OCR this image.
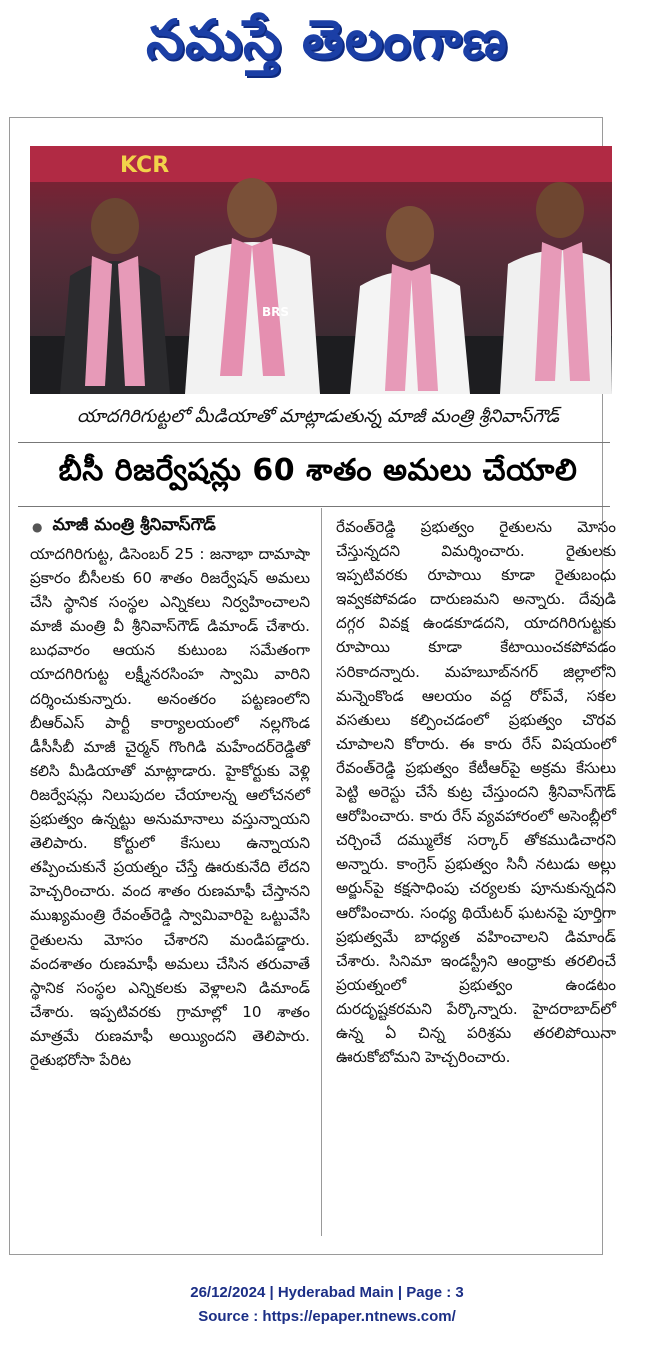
నమస్తే తెలంగాణ
KCR
BRS
యాదగిరిగుట్టలో మీడియాతో మాట్లాడుతున్న మాజీ మంత్రి శ్రీనివాస్‌గౌడ్
బీసీ రిజర్వేషన్లు 60 శాతం అమలు చేయాలి
● మాజీ మంత్రి శ్రీనివాస్‌గౌడ్

యాదగిరిగుట్ట, డిసెంబర్ 25 : జనాభా దామాషా ప్రకారం బీసీలకు 60 శాతం రిజర్వేషన్ అమలు చేసి స్థానిక సంస్థల ఎన్నికలు నిర్వహించాలని మాజీ మంత్రి వీ శ్రీనివాస్‌గౌడ్ డిమాండ్ చేశారు. బుధవారం ఆయన కుటుంబ సమేతంగా యాదగిరిగుట్ట లక్ష్మీనరసింహ స్వామి వారిని దర్శించుకున్నారు. అనంతరం పట్టణంలోని బీఆర్‌ఎస్ పార్టీ కార్యాలయంలో నల్లగొండ డీసీసీబీ మాజీ చైర్మన్ గొంగిడి మహేందర్‌రెడ్డితో కలిసి మీడియాతో మాట్లాడారు. హైకోర్టుకు వెళ్లి రిజర్వేషన్లు నిలుపుదల చేయాలన్న ఆలోచనలో ప్రభుత్వం ఉన్నట్టు అనుమానాలు వస్తున్నాయని తెలిపారు. కోర్టులో కేసులు ఉన్నాయని తప్పించుకునే ప్రయత్నం చేస్తే ఊరుకునేది లేదని హెచ్చరించారు. వంద శాతం రుణమాఫీ చేస్తానని ముఖ్యమంత్రి రేవంత్‌రెడ్డి స్వామివారిపై ఒట్టువేసి రైతులను మోసం చేశారని మండిపడ్డారు. వందశాతం రుణమాఫీ అమలు చేసిన తరువాతే స్థానిక సంస్థల ఎన్నికలకు వెళ్లాలని డిమాండ్ చేశారు. ఇప్పటివరకు గ్రామాల్లో 10 శాతం మాత్రమే రుణమాఫీ అయ్యిందని తెలిపారు. రైతుభరోసా పేరిట

రేవంత్‌రెడ్డి ప్రభుత్వం రైతులను మోసం చేస్తున్నదని విమర్శించారు. రైతులకు ఇప్పటివరకు రూపాయి కూడా రైతుబంధు ఇవ్వకపోవడం దారుణమని అన్నారు. దేవుడి దగ్గర వివక్ష ఉండకూడదని, యాదగిరిగుట్టకు రూపాయి కూడా కేటాయించకపోవడం సరికాదన్నారు. మహబూబ్‌నగర్ జిల్లాలోని మన్నెంకొండ ఆలయం వద్ద రోప్‌వే, సకల వసతులు కల్పించడంలో ప్రభుత్వం చొరవ చూపాలని కోరారు. ఈ కారు రేస్ విషయంలో రేవంత్‌రెడ్డి ప్రభుత్వం కేటీఆర్‌పై అక్రమ కేసులు పెట్టి అరెస్టు చేసే కుట్ర చేస్తుందని శ్రీనివాస్‌గౌడ్ ఆరోపించారు. కారు రేస్ వ్యవహారంలో అసెంబ్లీలో చర్చించే దమ్ములేక సర్కార్ తోకముడిచారని అన్నారు. కాంగ్రెస్ ప్రభుత్వం సినీ నటుడు అల్లు అర్జున్‌పై కక్షసాధింపు చర్యలకు పూనుకున్నదని ఆరోపించారు. సంధ్య థియేటర్ ఘటనపై పూర్తిగా ప్రభుత్వమే బాధ్యత వహించాలని డిమాండ్ చేశారు. సినిమా ఇండస్ట్రీని ఆంధ్రాకు తరలించే ప్రయత్నంలో ప్రభుత్వం ఉండటం దురదృష్టకరమని పేర్కొన్నారు. హైదరాబాద్‌లో ఉన్న ఏ చిన్న పరిశ్రమ తరలిపోయినా ఊరుకోబోమని హెచ్చరించారు.

26/12/2024 | Hyderabad Main | Page : 3
Source : https://epaper.ntnews.com/
